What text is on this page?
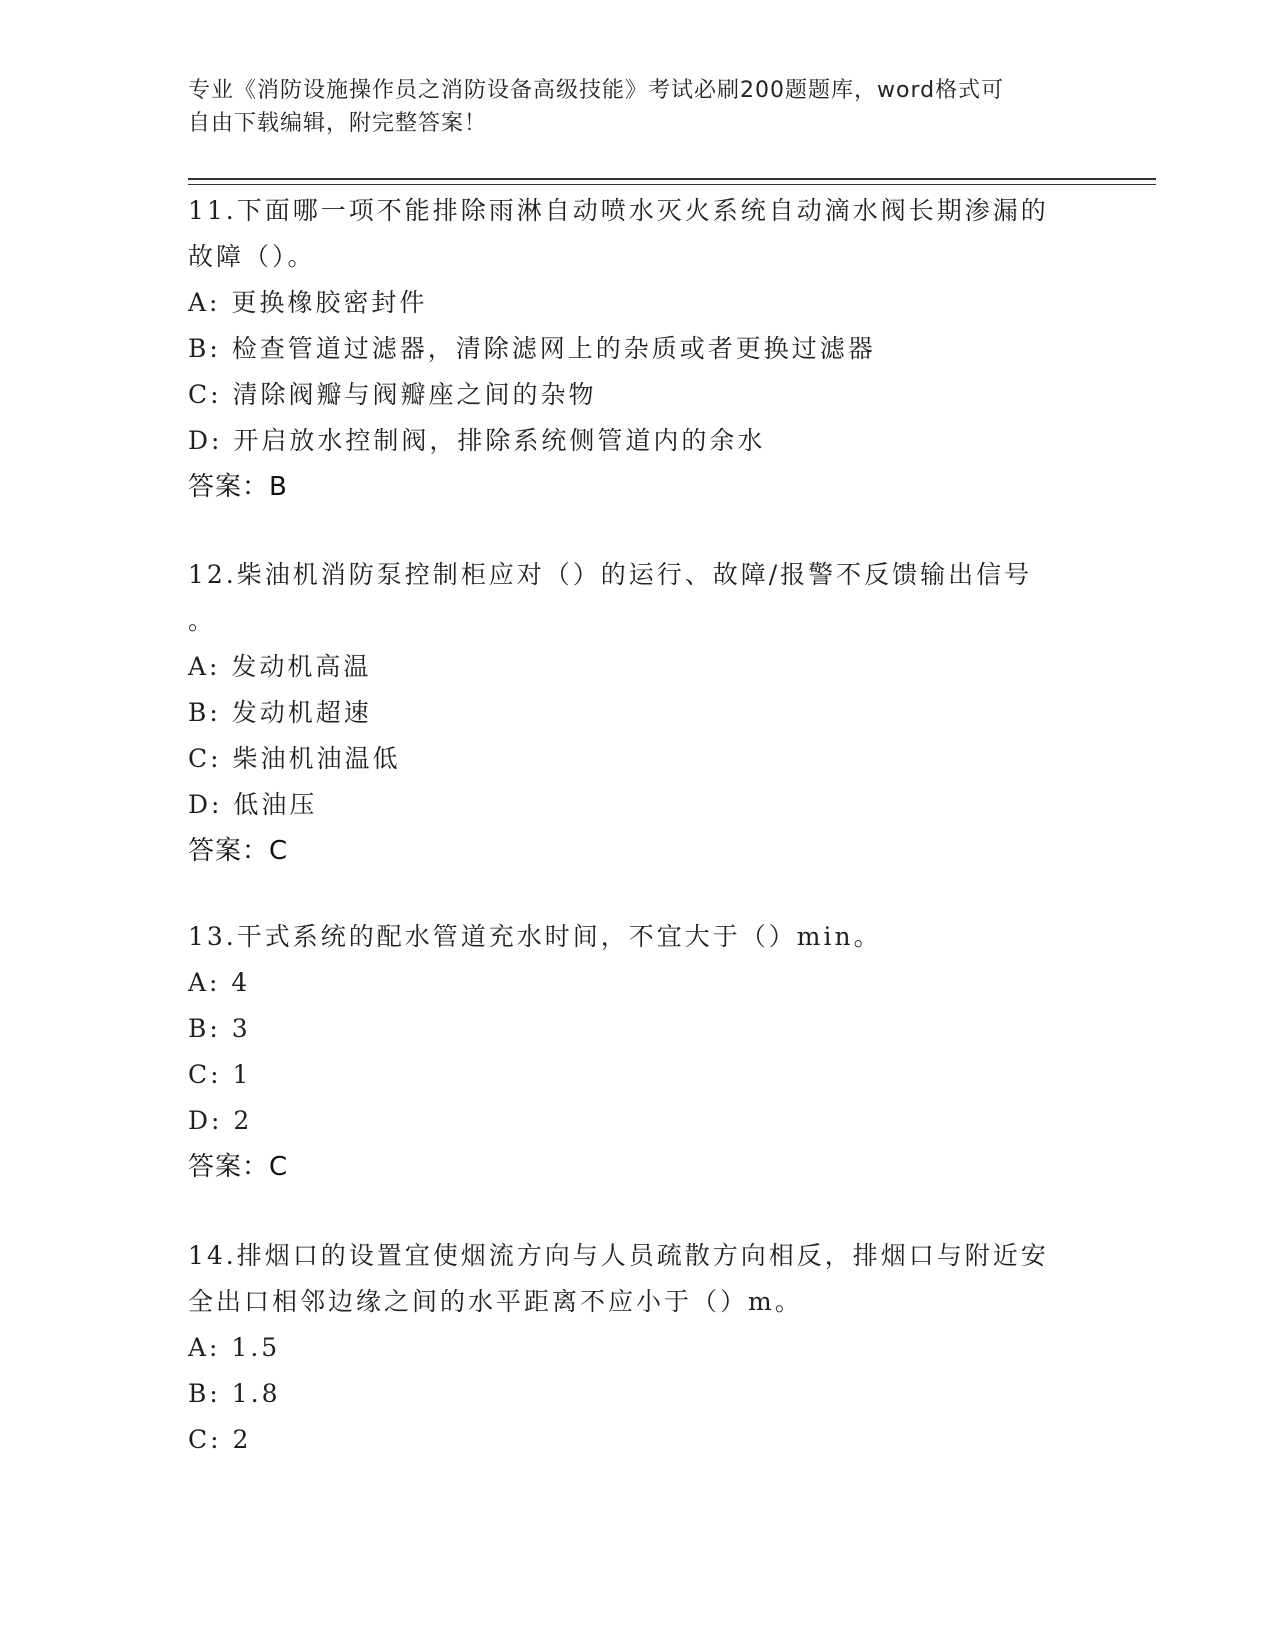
专业《消防设施操作员之消防设备高级技能》考试必刷200题题库，word格式可
自由下载编辑，附完整答案！
11.下面哪一项不能排除雨淋自动喷水灭火系统自动滴水阀长期渗漏的
故障（）。
A: 更换橡胶密封件
B: 检查管道过滤器，清除滤网上的杂质或者更换过滤器
C: 清除阀瓣与阀瓣座之间的杂物
D: 开启放水控制阀，排除系统侧管道内的余水
答案：B
12.柴油机消防泵控制柜应对（）的运行、故障/报警不反馈输出信号
。
A: 发动机高温
B: 发动机超速
C: 柴油机油温低
D: 低油压
答案：C
13.干式系统的配水管道充水时间，不宜大于（）min。
A: 4
B: 3
C: 1
D: 2
答案：C
14.排烟口的设置宜使烟流方向与人员疏散方向相反，排烟口与附近安
全出口相邻边缘之间的水平距离不应小于（）m。
A: 1.5
B: 1.8
C: 2
